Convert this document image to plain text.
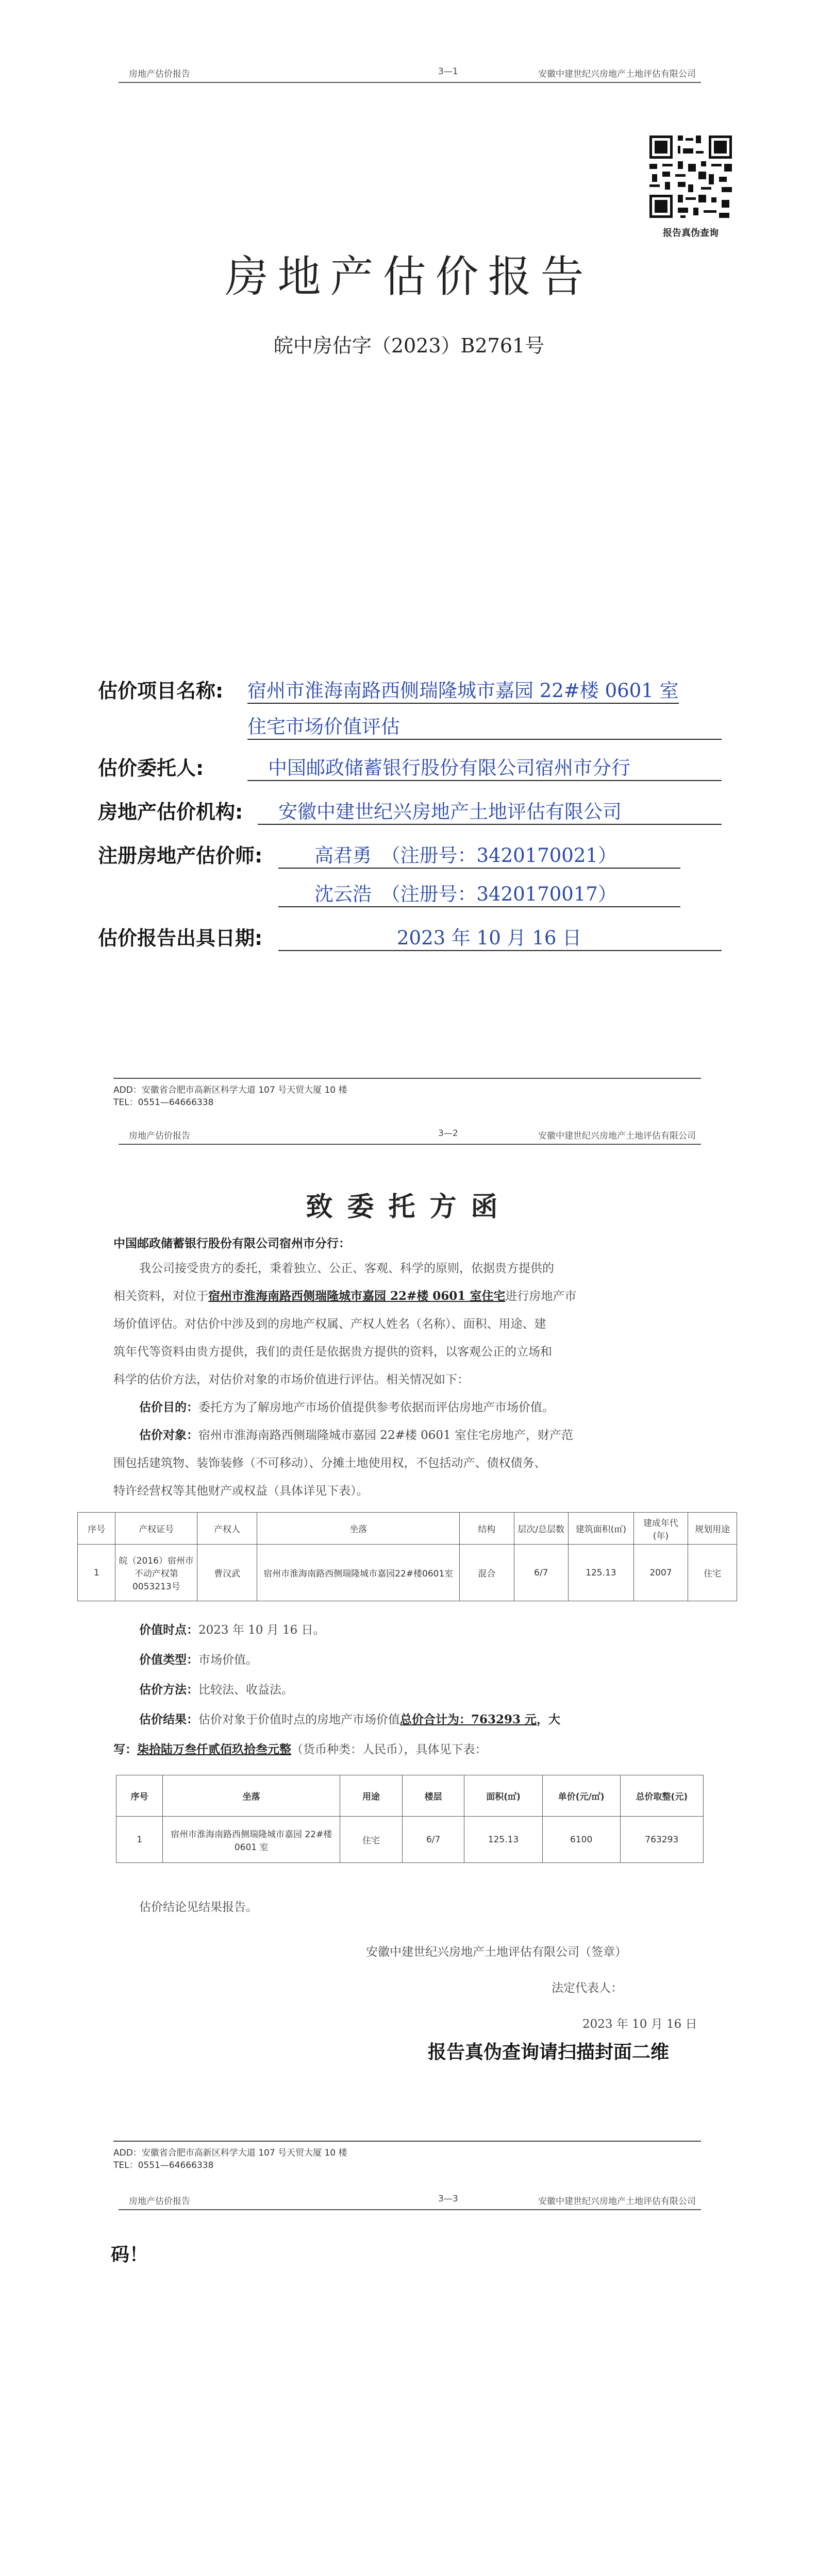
房地产估价报告	3—1	安徽中建世纪兴房地产土地评估有限公司
报告真伪查询
房地产估价报告
皖中房估字（2023）B2761号
估价项目名称: 宿州市淮海南路西侧瑞隆城市嘉园 22#楼 0601 室
住宅市场价值评估
估价委托人:	中国邮政储蓄银行股份有限公司宿州市分行
房地产估价机构:	安徽中建世纪兴房地产土地评估有限公司
注册房地产估价师:	高君勇　（注册号：3420170021）
沈云浩　（注册号：3420170017）
估价报告出具日期:	2023 年 10 月 16 日
ADD：安徽省合肥市高新区科学大道 107 号天贸大厦 10 楼
TEL：0551—64666338
房地产估价报告	3—2	安徽中建世纪兴房地产土地评估有限公司
致委托方函
中国邮政储蓄银行股份有限公司宿州市分行：
我公司接受贵方的委托，秉着独立、公正、客观、科学的原则，依据贵方提供的
相关资料，对位于宿州市淮海南路西侧瑞隆城市嘉园 22#楼 0601 室住宅进行房地产市
场价值评估。对估价中涉及到的房地产权属、产权人姓名（名称）、面积、用途、建
筑年代等资料由贵方提供，我们的责任是依据贵方提供的资料，以客观公正的立场和
科学的估价方法，对估价对象的市场价值进行评估。相关情况如下：
估价目的：委托方为了解房地产市场价值提供参考依据而评估房地产市场价值。
估价对象：宿州市淮海南路西侧瑞隆城市嘉园 22#楼 0601 室住宅房地产，财产范
围包括建筑物、装饰装修（不可移动）、分摊土地使用权，不包括动产、债权债务、
特许经营权等其他财产或权益（具体详见下表）。
序号	产权证号	产权人	坐落	结构	层次/总层数	建筑面积(㎡)	建成年代(年)	规划用途
1	皖（2016）宿州市不动产权第0053213号	曹汉武	宿州市淮海南路西侧瑞隆城市嘉园22#楼0601室	混合	6/7	125.13	2007	住宅
价值时点：2023 年 10 月 16 日。
价值类型：市场价值。
估价方法：比较法、收益法。
估价结果：估价对象于价值时点的房地产市场价值总价合计为：763293 元，大
写：柒拾陆万叁仟贰佰玖拾叁元整（货币种类：人民币），具体见下表：
序号	坐落	用途	楼层	面积(㎡)	单价(元/㎡)	总价取整(元)
1	宿州市淮海南路西侧瑞隆城市嘉园 22#楼 0601 室	住宅	6/7	125.13	6100	763293
估价结论见结果报告。
安徽中建世纪兴房地产土地评估有限公司（签章）
法定代表人：
2023 年 10 月 16 日
报告真伪查询请扫描封面二维
ADD：安徽省合肥市高新区科学大道 107 号天贸大厦 10 楼
TEL：0551—64666338
房地产估价报告	3—3	安徽中建世纪兴房地产土地评估有限公司
码！
